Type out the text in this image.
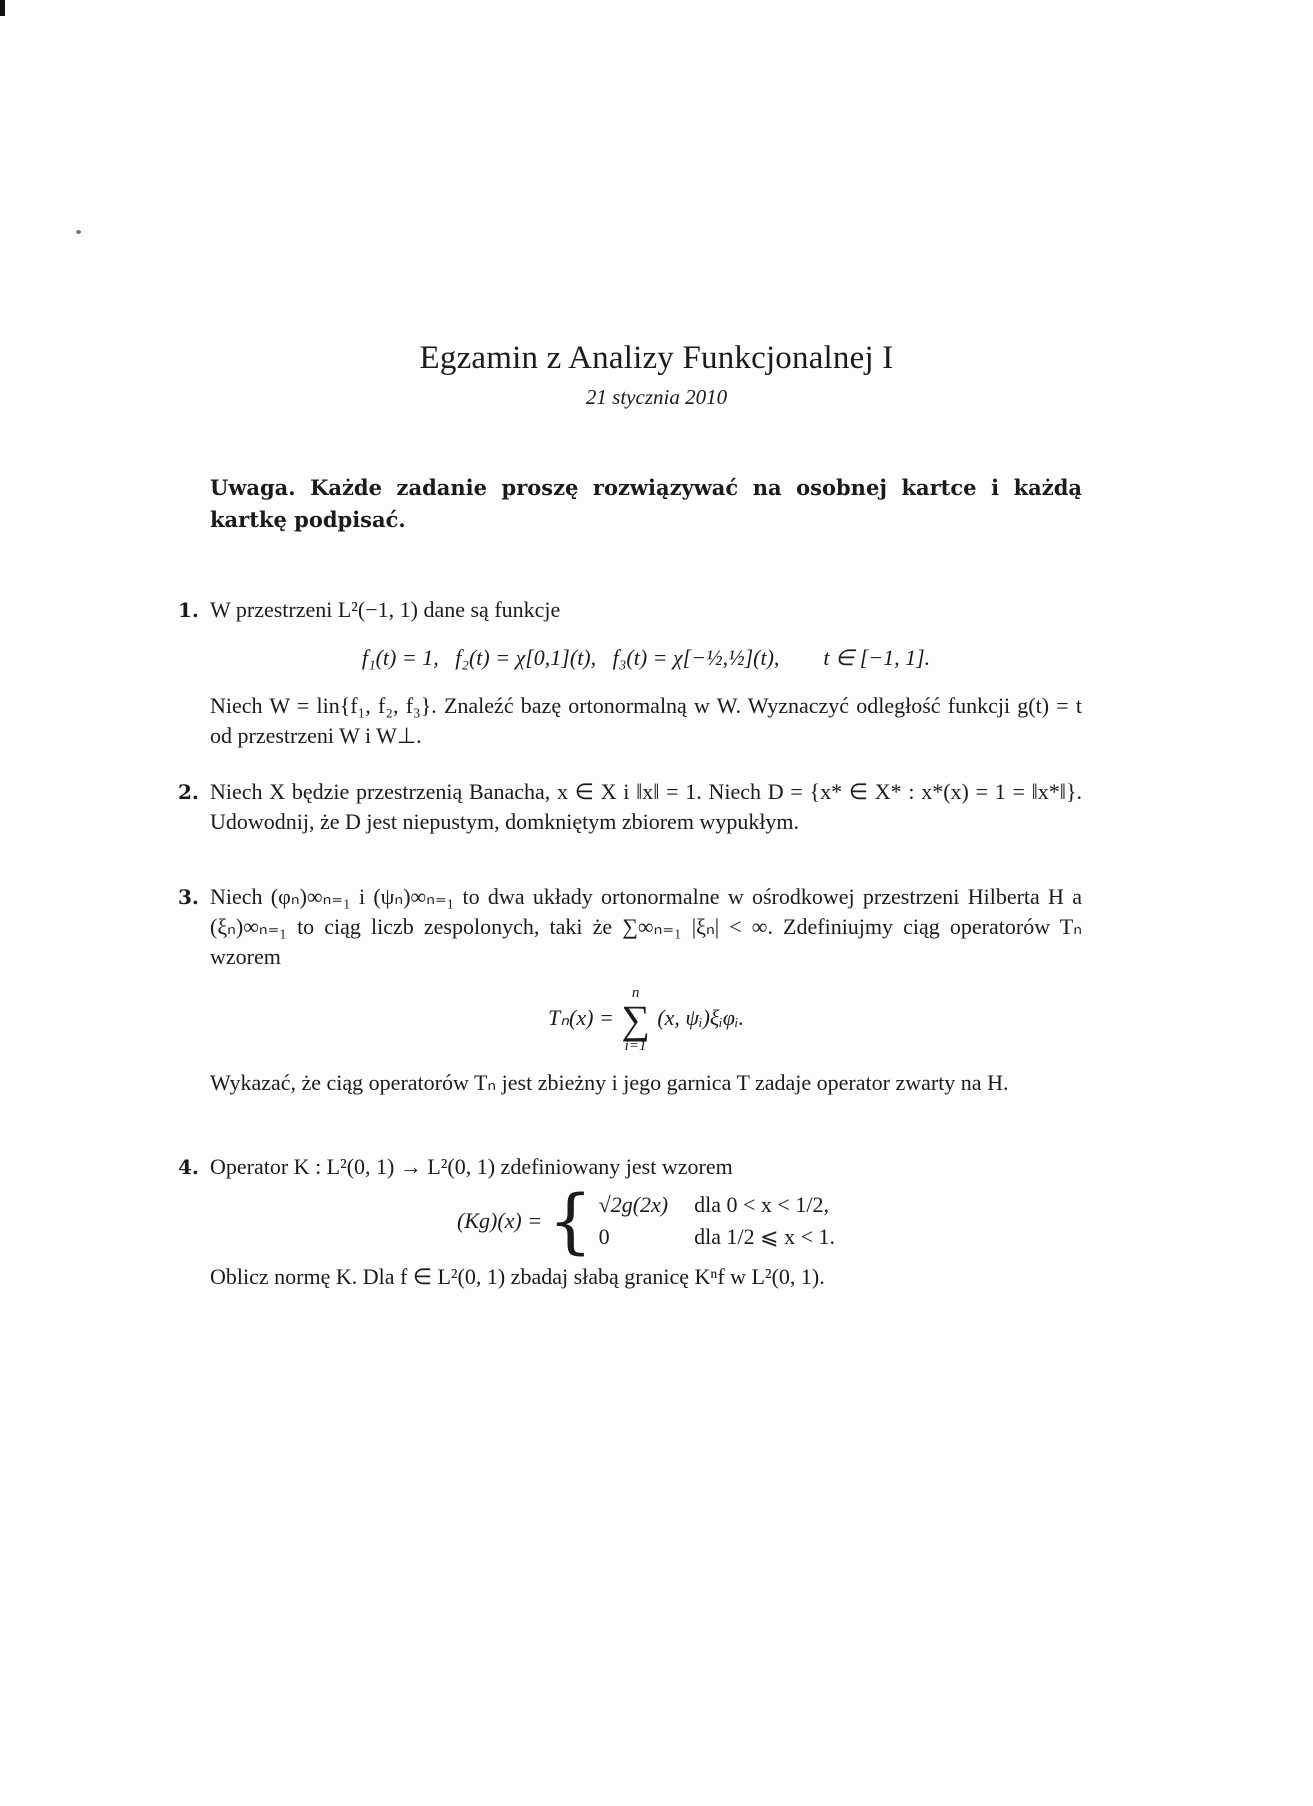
Egzamin z Analizy Funkcjonalnej I
21 stycznia 2010
Uwaga. Każde zadanie proszę rozwiązywać na osobnej kartce i każdą kartkę podpisać.
1. W przestrzeni L²(−1, 1) dane są funkcje
f₁(t) = 1,   f₂(t) = χ[0,1](t),   f₃(t) = χ[−½,½](t),        t ∈ [−1, 1].
Niech W = lin{f₁, f₂, f₃}. Znaleźć bazę ortonormalną w W. Wyznaczyć odległość funkcji g(t) = t od przestrzeni W i W⊥.
2. Niech X będzie przestrzenią Banacha, x ∈ X i ‖x‖ = 1. Niech D = {x* ∈ X* : x*(x) = 1 = ‖x*‖}. Udowodnij, że D jest niepustym, domkniętym zbiorem wypukłym.
3. Niech (φₙ)∞ₙ₌₁ i (ψₙ)∞ₙ₌₁ to dwa układy ortonormalne w ośrodkowej przestrzeni Hilberta H a (ξₙ)∞ₙ₌₁ to ciąg liczb zespolonych, taki że ∑∞ₙ₌₁ |ξₙ| < ∞. Zdefiniujmy ciąg operatorów Tₙ wzorem
Tₙ(x) =
n
∑
i=1
(x, ψᵢ)ξᵢφᵢ.
Wykazać, że ciąg operatorów Tₙ jest zbieżny i jego garnica T zadaje operator zwarty na H.
4. Operator K : L²(0, 1) → L²(0, 1) zdefiniowany jest wzorem
(Kg)(x) = { √2g(2x) dla 0 < x < 1/2,
0	dla 1/2 ⩽ x < 1.
Oblicz normę K. Dla f ∈ L²(0, 1) zbadaj słabą granicę Kⁿf w L²(0, 1).
